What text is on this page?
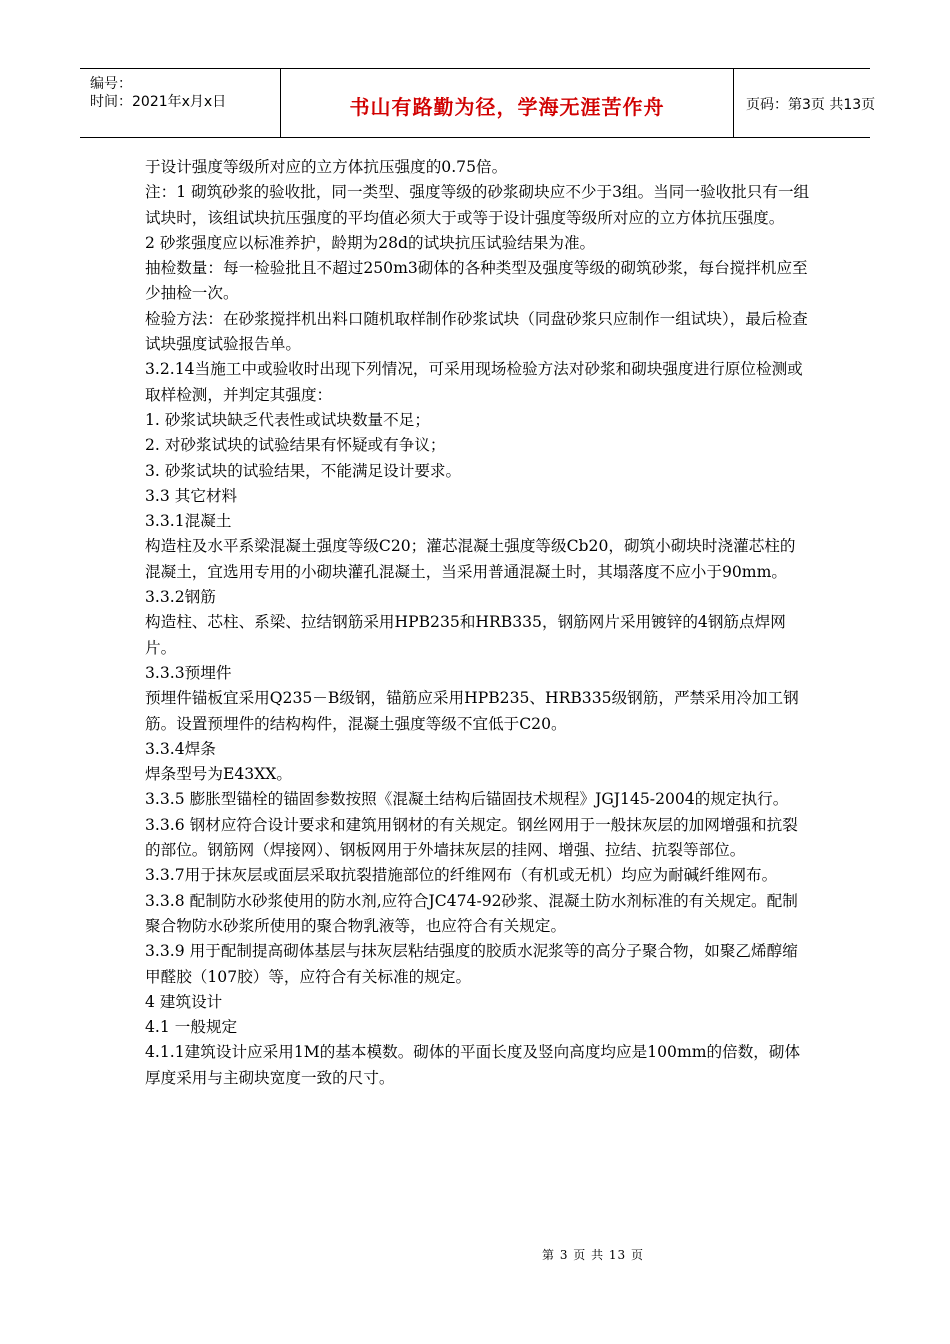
编号：
时间：2021年x月x日	书山有路勤为径，学海无涯苦作舟	页码：第3页 共13页

于设计强度等级所对应的立方体抗压强度的0.75倍。

注：1 砌筑砂浆的验收批，同一类型、强度等级的砂浆砌块应不少于3组。当同一验收批只有一组试块时，该组试块抗压强度的平均值必须大于或等于设计强度等级所对应的立方体抗压强度。

2 砂浆强度应以标准养护，龄期为28d的试块抗压试验结果为准。

抽检数量：每一检验批且不超过250m3砌体的各种类型及强度等级的砌筑砂浆，每台搅拌机应至少抽检一次。

检验方法：在砂浆搅拌机出料口随机取样制作砂浆试块（同盘砂浆只应制作一组试块），最后检查试块强度试验报告单。

3.2.14当施工中或验收时出现下列情况，可采用现场检验方法对砂浆和砌块强度进行原位检测或取样检测，并判定其强度：

1. 砂浆试块缺乏代表性或试块数量不足；

2. 对砂浆试块的试验结果有怀疑或有争议；

3. 砂浆试块的试验结果，不能满足设计要求。

3.3 其它材料

3.3.1混凝土

构造柱及水平系梁混凝土强度等级C20；灌芯混凝土强度等级Cb20，砌筑小砌块时浇灌芯柱的混凝土，宜选用专用的小砌块灌孔混凝土，当采用普通混凝土时，其塌落度不应小于90mm。

3.3.2钢筋

构造柱、芯柱、系梁、拉结钢筋采用HPB235和HRB335，钢筋网片采用镀锌的4钢筋点焊网片。

3.3.3预埋件

预埋件锚板宜采用Q235－B级钢，锚筋应采用HPB235、HRB335级钢筋，严禁采用冷加工钢筋。设置预埋件的结构构件，混凝土强度等级不宜低于C20。

3.3.4焊条

焊条型号为E43XX。

3.3.5 膨胀型锚栓的锚固参数按照《混凝土结构后锚固技术规程》JGJ145-2004的规定执行。

3.3.6 钢材应符合设计要求和建筑用钢材的有关规定。钢丝网用于一般抹灰层的加网增强和抗裂的部位。钢筋网（焊接网）、钢板网用于外墙抹灰层的挂网、增强、拉结、抗裂等部位。

3.3.7用于抹灰层或面层采取抗裂措施部位的纤维网布（有机或无机）均应为耐碱纤维网布。

3.3.8 配制防水砂浆使用的防水剂,应符合JC474-92砂浆、混凝土防水剂标准的有关规定。配制聚合物防水砂浆所使用的聚合物乳液等，也应符合有关规定。

3.3.9 用于配制提高砌体基层与抹灰层粘结强度的胶质水泥浆等的高分子聚合物，如聚乙烯醇缩甲醛胶（107胶）等，应符合有关标准的规定。

4 建筑设计

4.1 一般规定

4.1.1建筑设计应采用1M的基本模数。砌体的平面长度及竖向高度均应是100mm的倍数，砌体厚度采用与主砌块宽度一致的尺寸。

第 3 页 共 13 页
